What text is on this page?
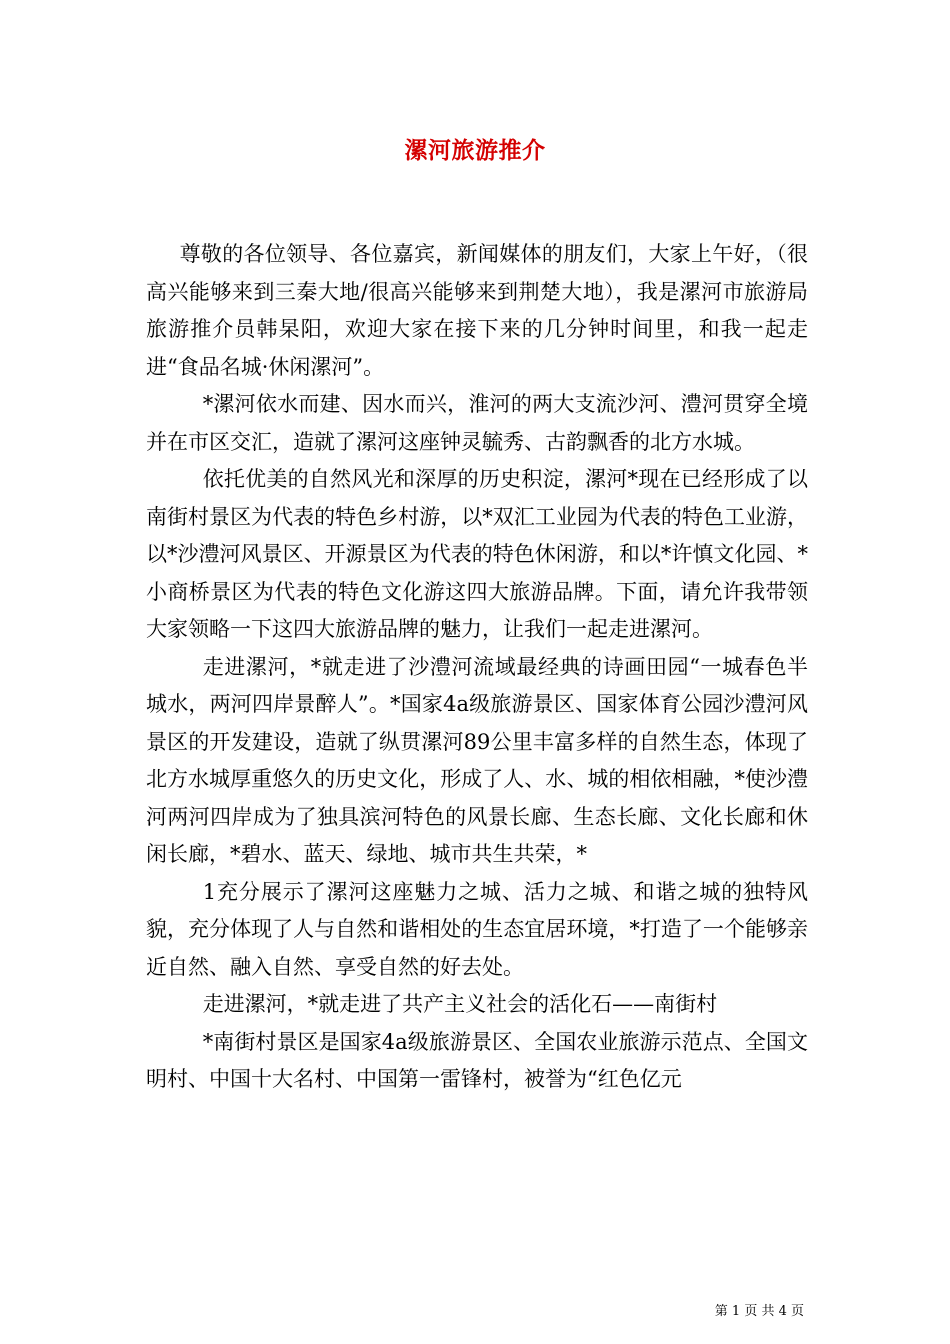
漯河旅游推介

尊敬的各位领导、各位嘉宾，新闻媒体的朋友们，大家上午好，（很高兴能够来到三秦大地/很高兴能够来到荆楚大地），我是漯河市旅游局旅游推介员韩杲阳，欢迎大家在接下来的几分钟时间里，和我一起走进“食品名城·休闲漯河”。

*漯河依水而建、因水而兴，淮河的两大支流沙河、澧河贯穿全境并在市区交汇，造就了漯河这座钟灵毓秀、古韵飘香的北方水城。

依托优美的自然风光和深厚的历史积淀，漯河*现在已经形成了以南街村景区为代表的特色乡村游，以*双汇工业园为代表的特色工业游，以*沙澧河风景区、开源景区为代表的特色休闲游，和以*许慎文化园、*小商桥景区为代表的特色文化游这四大旅游品牌。下面，请允许我带领大家领略一下这四大旅游品牌的魅力，让我们一起走进漯河。

走进漯河，*就走进了沙澧河流域最经典的诗画田园“一城春色半城水，两河四岸景醉人”。*国家4a级旅游景区、国家体育公园沙澧河风景区的开发建设，造就了纵贯漯河89公里丰富多样的自然生态，体现了北方水城厚重悠久的历史文化，形成了人、水、城的相依相融，*使沙澧河两河四岸成为了独具滨河特色的风景长廊、生态长廊、文化长廊和休闲长廊，*碧水、蓝天、绿地、城市共生共荣，*

1充分展示了漯河这座魅力之城、活力之城、和谐之城的独特风貌，充分体现了人与自然和谐相处的生态宜居环境，*打造了一个能够亲近自然、融入自然、享受自然的好去处。

走进漯河，*就走进了共产主义社会的活化石——南街村

*南街村景区是国家4a级旅游景区、全国农业旅游示范点、全国文明村、中国十大名村、中国第一雷锋村，被誉为“红色亿元

第 1 页 共 4 页
